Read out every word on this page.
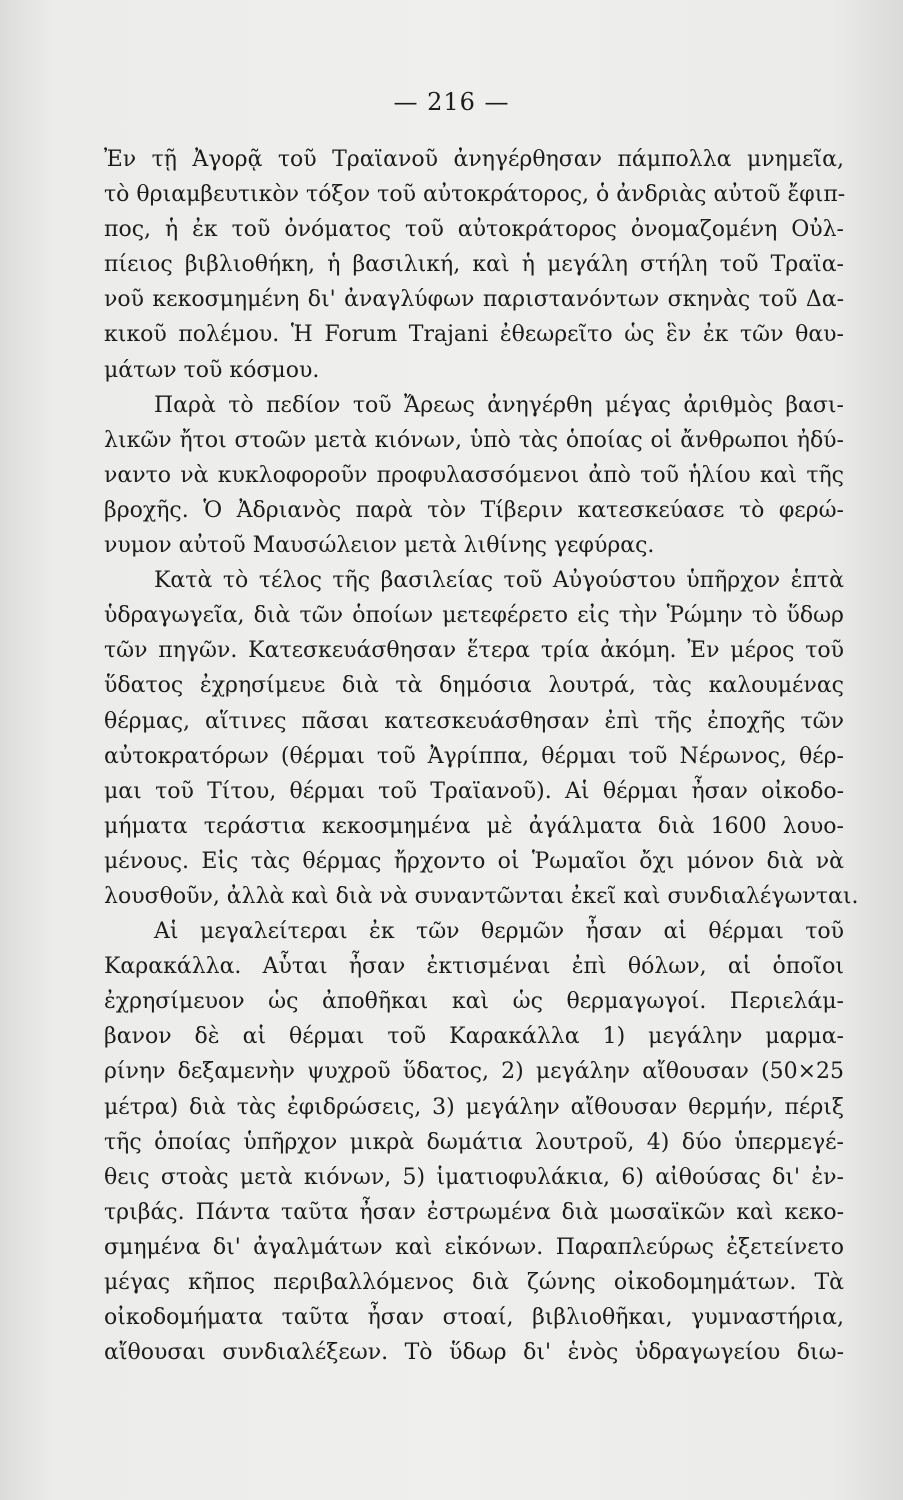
— 216 —
Ἐν τῇ Ἀγορᾷ τοῦ Τραϊανοῦ ἀνηγέρθησαν πάμπολλα μνημεῖα,
τὸ θριαμβευτικὸν τόξον τοῦ αὐτοκράτορος, ὁ ἀνδριὰς αὐτοῦ ἔφιπ-
πος, ἡ ἐκ τοῦ ὀνόματος τοῦ αὐτοκράτορος ὀνομαζομένη Οὐλ-
πίειος βιβλιοθήκη, ἡ βασιλική, καὶ ἡ μεγάλη στήλη τοῦ Τραϊα-
νοῦ κεκοσμημένη δι' ἀναγλύφων παριστανόντων σκηνὰς τοῦ Δα-
κικοῦ πολέμου. Ἡ Forum Trajani ἐθεωρεῖτο ὡς ἓν ἐκ τῶν θαυ-
μάτων τοῦ κόσμου.
Παρὰ τὸ πεδίον τοῦ Ἄρεως ἀνηγέρθη μέγας ἀριθμὸς βασι-
λικῶν ἤτοι στοῶν μετὰ κιόνων, ὑπὸ τὰς ὁποίας οἱ ἄνθρωποι ἠδύ-
ναντο νὰ κυκλοφοροῦν προφυλασσόμενοι ἀπὸ τοῦ ἡλίου καὶ τῆς
βροχῆς. Ὁ Ἀδριανὸς παρὰ τὸν Τίβεριν κατεσκεύασε τὸ φερώ-
νυμον αὐτοῦ Μαυσώλειον μετὰ λιθίνης γεφύρας.
Κατὰ τὸ τέλος τῆς βασιλείας τοῦ Αὐγούστου ὑπῆρχον ἑπτὰ
ὑδραγωγεῖα, διὰ τῶν ὁποίων μετεφέρετο εἰς τὴν Ῥώμην τὸ ὕδωρ
τῶν πηγῶν. Κατεσκευάσθησαν ἕτερα τρία ἀκόμη. Ἐν μέρος τοῦ
ὕδατος ἐχρησίμευε διὰ τὰ δημόσια λουτρά, τὰς καλουμένας
θέρμας, αἵτινες πᾶσαι κατεσκευάσθησαν ἐπὶ τῆς ἐποχῆς τῶν
αὐτοκρατόρων (θέρμαι τοῦ Ἀγρίππα, θέρμαι τοῦ Νέρωνος, θέρ-
μαι τοῦ Τίτου, θέρμαι τοῦ Τραϊανοῦ). Αἱ θέρμαι ἦσαν οἰκοδο-
μήματα τεράστια κεκοσμημένα μὲ ἀγάλματα διὰ 1600 λουο-
μένους. Εἰς τὰς θέρμας ἤρχοντο οἱ Ῥωμαῖοι ὄχι μόνον διὰ νὰ
λουσθοῦν, ἀλλὰ καὶ διὰ νὰ συναντῶνται ἐκεῖ καὶ συνδιαλέγωνται.
Αἱ μεγαλείτεραι ἐκ τῶν θερμῶν ἦσαν αἱ θέρμαι τοῦ
Καρακάλλα. Αὗται ἦσαν ἐκτισμέναι ἐπὶ θόλων, αἱ ὁποῖοι
ἐχρησίμευον ὡς ἀποθῆκαι καὶ ὡς θερμαγωγοί. Περιελάμ-
βανον δὲ αἱ θέρμαι τοῦ Καρακάλλα 1) μεγάλην μαρμα-
ρίνην δεξαμενὴν ψυχροῦ ὕδατος, 2) μεγάλην αἴθουσαν (50×25
μέτρα) διὰ τὰς ἐφιδρώσεις, 3) μεγάλην αἴθουσαν θερμήν, πέριξ
τῆς ὁποίας ὑπῆρχον μικρὰ δωμάτια λουτροῦ, 4) δύο ὑπερμεγέ-
θεις στοὰς μετὰ κιόνων, 5) ἱματιοφυλάκια, 6) αἰθούσας δι' ἐν-
τριβάς. Πάντα ταῦτα ἦσαν ἐστρωμένα διὰ μωσαϊκῶν καὶ κεκο-
σμημένα δι' ἀγαλμάτων καὶ εἰκόνων. Παραπλεύρως ἐξετείνετο
μέγας κῆπος περιβαλλόμενος διὰ ζώνης οἰκοδομημάτων. Τὰ
οἰκοδομήματα ταῦτα ἦσαν στοαί, βιβλιοθῆκαι, γυμναστήρια,
αἴθουσαι συνδιαλέξεων. Τὸ ὕδωρ δι' ἑνὸς ὑδραγωγείου διω-
